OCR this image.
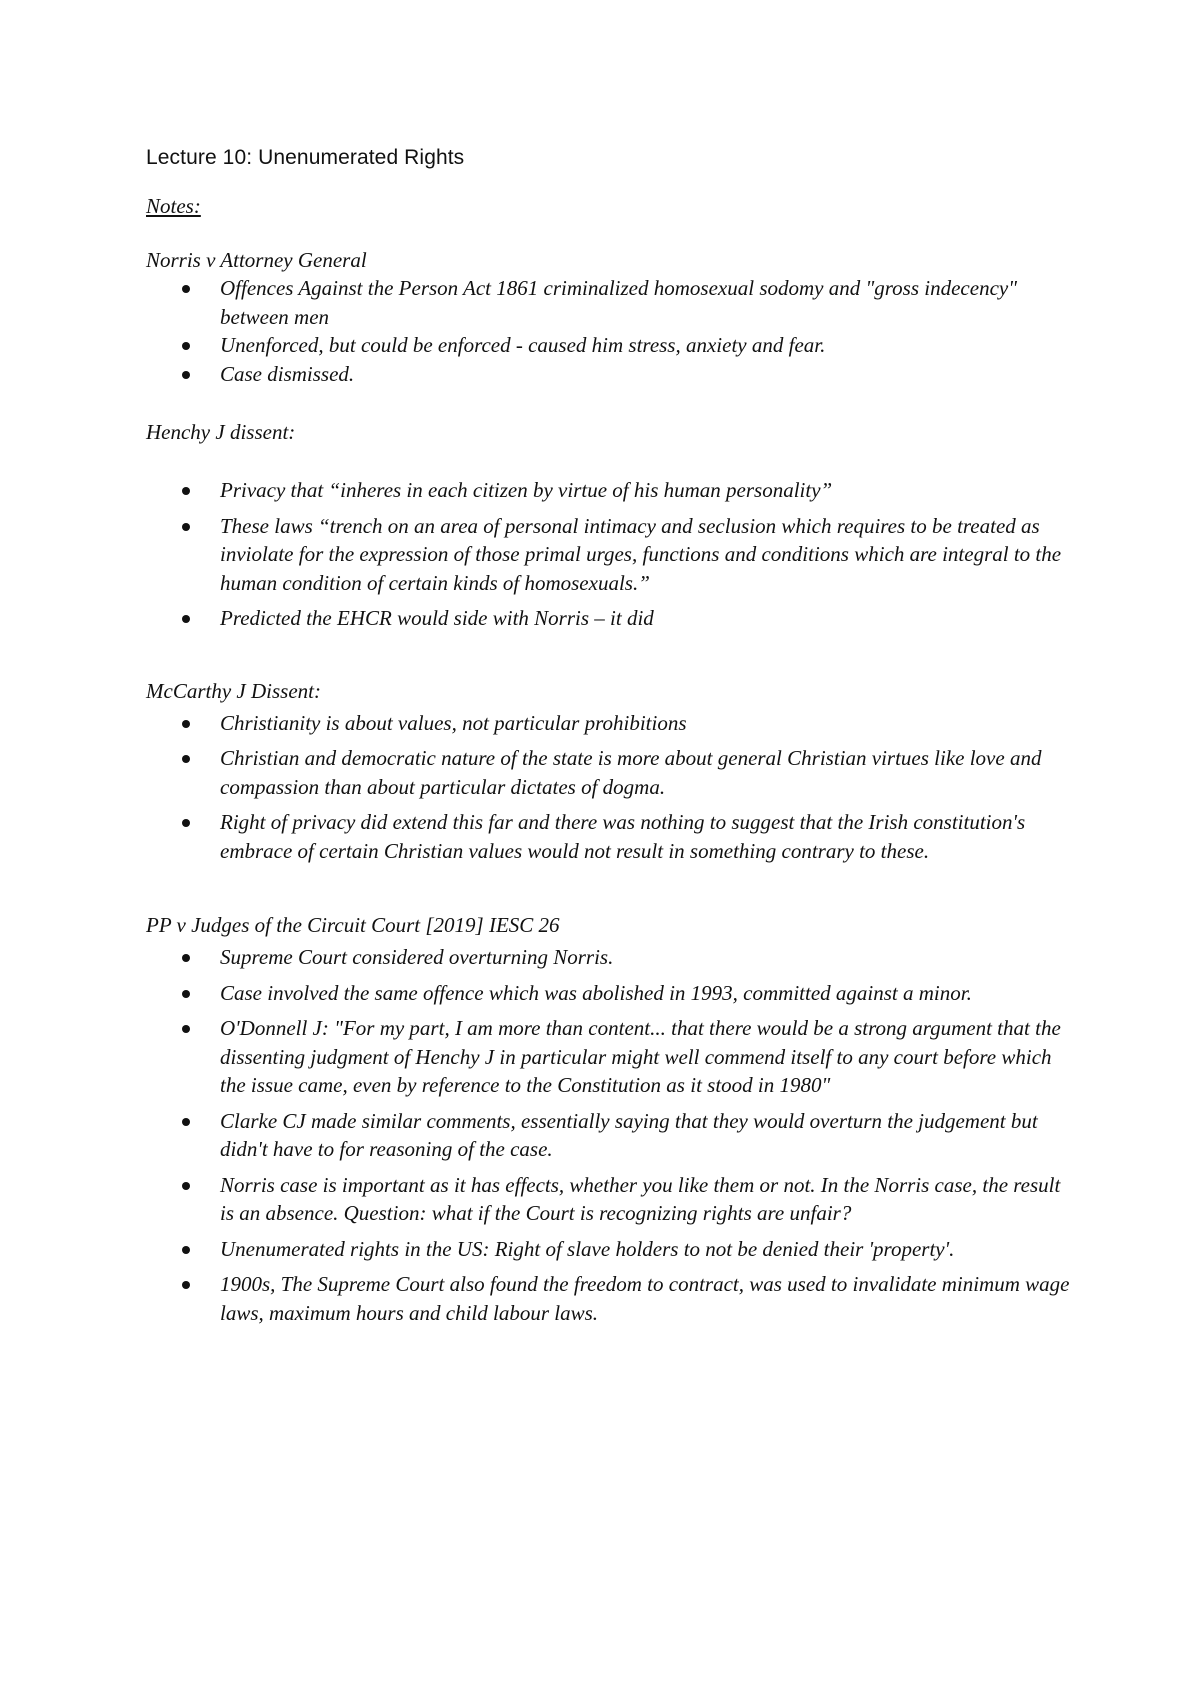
Lecture 10: Unenumerated Rights
Notes:
Norris v Attorney General
Offences Against the Person Act 1861 criminalized homosexual sodomy and "gross indecency" between men
Unenforced, but could be enforced - caused him stress, anxiety and fear.
Case dismissed.
Henchy J dissent:
Privacy that “inheres in each citizen by virtue of his human personality”
These laws “trench on an area of personal intimacy and seclusion which requires to be treated as inviolate for the expression of those primal urges, functions and conditions which are integral to the human condition of certain kinds of homosexuals.”
Predicted the EHCR would side with Norris – it did
McCarthy J Dissent:
Christianity is about values, not particular prohibitions
Christian and democratic nature of the state is more about general Christian virtues like love and compassion than about particular dictates of dogma.
Right of privacy did extend this far and there was nothing to suggest that the Irish constitution's embrace of certain Christian values would not result in something contrary to these.
PP v Judges of the Circuit Court [2019] IESC 26
Supreme Court considered overturning Norris.
Case involved the same offence which was abolished in 1993, committed against a minor.
O'Donnell J: "For my part, I am more than content... that there would be a strong argument that the dissenting judgment of Henchy J in particular might well commend itself to any court before which the issue came, even by reference to the Constitution as it stood in 1980"
Clarke CJ made similar comments, essentially saying that they would overturn the judgement but didn't have to for reasoning of the case.
Norris case is important as it has effects, whether you like them or not. In the Norris case, the result is an absence. Question: what if the Court is recognizing rights are unfair?
Unenumerated rights in the US: Right of slave holders to not be denied their 'property'.
1900s, The Supreme Court also found the freedom to contract, was used to invalidate minimum wage laws, maximum hours and child labour laws.
